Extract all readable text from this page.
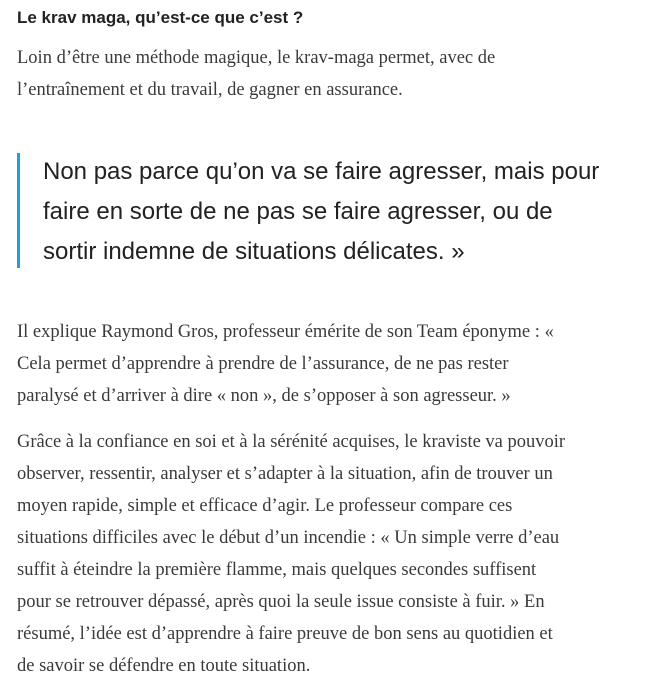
Le krav maga, qu’est-ce que c’est ?

Loin d’être une méthode magique, le krav-maga permet, avec de
l’entraînement et du travail, de gagner en assurance.

Non pas parce qu’on va se faire agresser, mais pour
faire en sorte de ne pas se faire agresser, ou de
sortir indemne de situations délicates. »

Il explique Raymond Gros, professeur émérite de son Team éponyme : «
Cela permet d’apprendre à prendre de l’assurance, de ne pas rester
paralysé et d’arriver à dire « non », de s’opposer à son agresseur. »

Grâce à la confiance en soi et à la sérénité acquises, le kraviste va pouvoir
observer, ressentir, analyser et s’adapter à la situation, afin de trouver un
moyen rapide, simple et efficace d’agir. Le professeur compare ces
situations difficiles avec le début d’un incendie : « Un simple verre d’eau
suffit à éteindre la première flamme, mais quelques secondes suffisent
pour se retrouver dépassé, après quoi la seule issue consiste à fuir. » En
résumé, l’idée est d’apprendre à faire preuve de bon sens au quotidien et
de savoir se défendre en toute situation.
